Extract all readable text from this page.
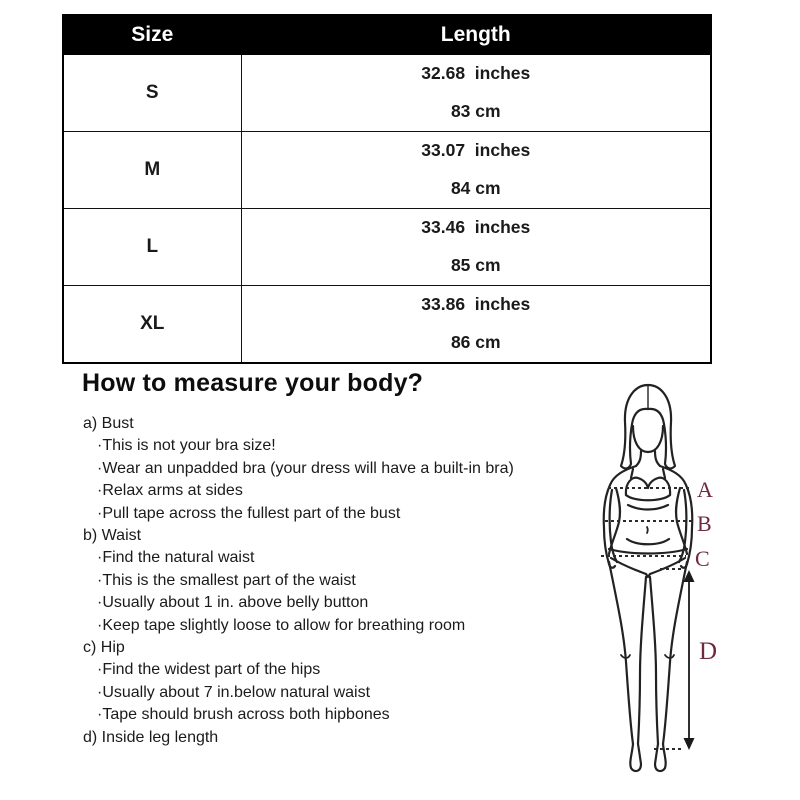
Size	Length
S	32.68  inches
83 cm

M	33.07  inches
84 cm

L	33.46  inches
85 cm

XL	33.86  inches
86 cm
How to measure your body?
a) Bust
·This is not your bra size!
·Wear an unpadded bra (your dress will have a built-in bra)
·Relax arms at sides
·Pull tape across the fullest part of the bust
b) Waist
·Find the natural waist
·This is the smallest part of the waist
·Usually about 1 in. above belly button
·Keep tape slightly loose to allow for breathing room
c) Hip
·Find the widest part of the hips
·Usually about 7 in.below natural waist
·Tape should brush across both hipbones
d) Inside leg length
A
B
C
D
